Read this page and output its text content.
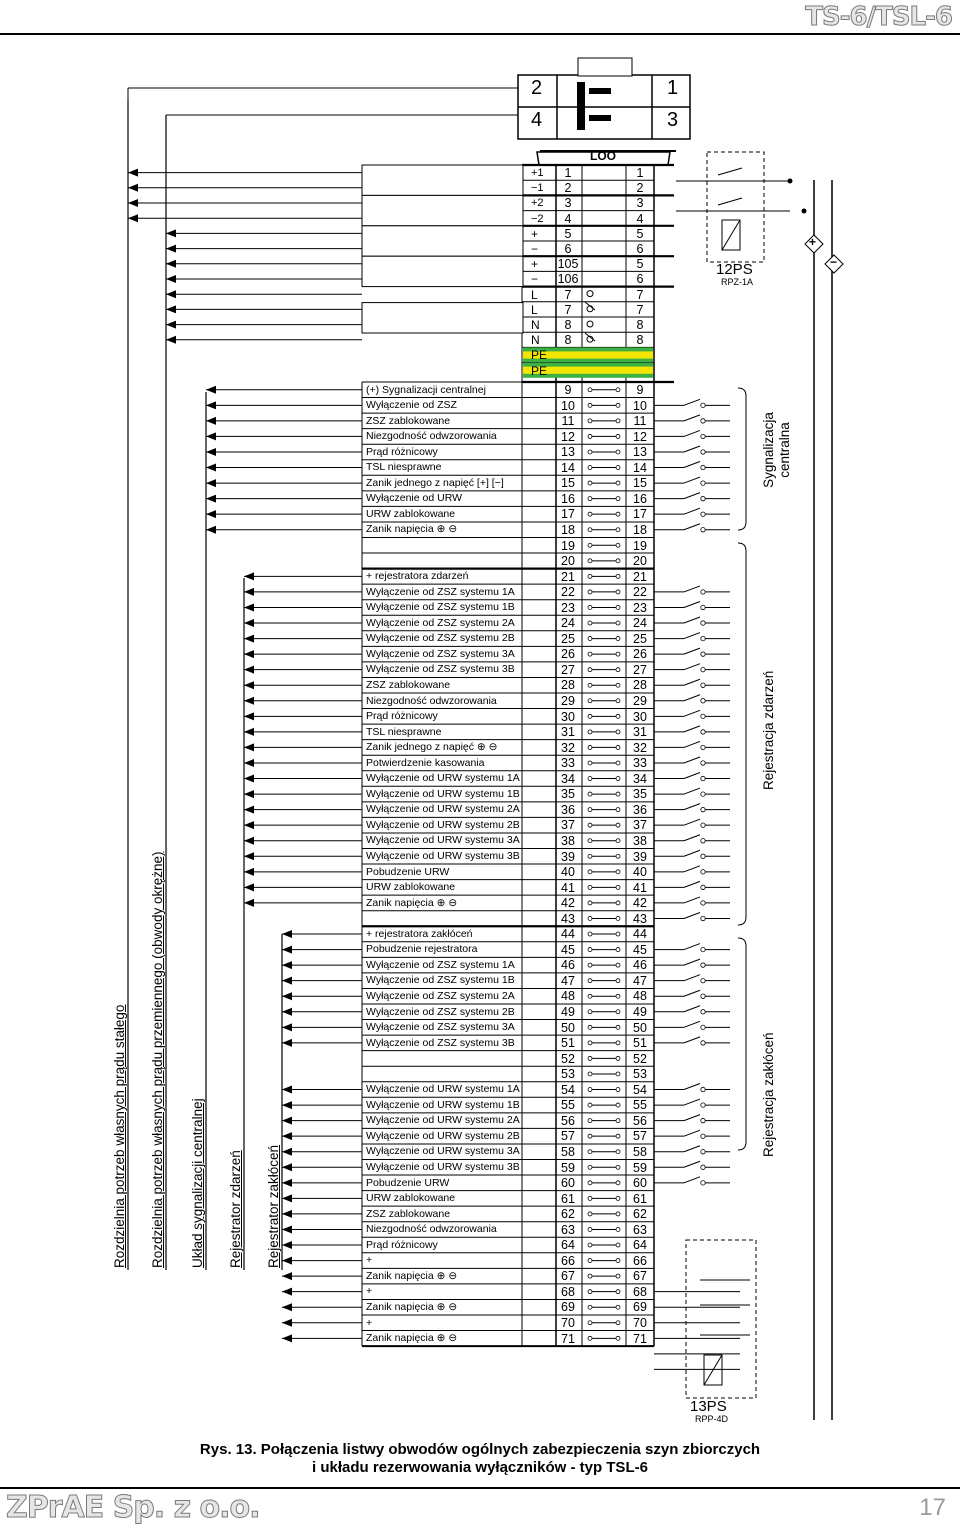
TS-6/TSL-6
2	1
4	3
LOO
+1	1	1
−1	2	2
+2	3	3
−2	4	4
+	5	5
−	6	6
+ 105	5
− 106	6
L	7	7
L	7	7
N	8	8
N	8	8
PE
PE
(+) Sygnalizacji centralnej	9	9
Wyłączenie od ZSZ	10	10
ZSZ zablokowane	11	11
Niezgodność odwzorowania	12	12
Prąd różnicowy	13	13
TSL niesprawne	14	14
Zanik jednego z napięć [+] [−]	15	15
Wyłączenie od URW	16	16
URW zablokowane	17	17
Zanik napięcia ⊕ ⊖	18	18
19	19
20	20
+ rejestratora zdarzeń	21	21
Wyłączenie od ZSZ systemu 1A	22	22
Wyłączenie od ZSZ systemu 1B	23	23
Wyłączenie od ZSZ systemu 2A	24	24
Wyłączenie od ZSZ systemu 2B	25	25
Wyłączenie od ZSZ systemu 3A	26	26
Wyłączenie od ZSZ systemu 3B	27	27
ZSZ zablokowane	28	28
Niezgodność odwzorowania	29	29
Prąd różnicowy	30	30
TSL niesprawne	31	31
Zanik jednego z napięć ⊕ ⊖	32	32
Potwierdzenie kasowania	33	33
Wyłączenie od URW systemu 1A	34	34
Wyłączenie od URW systemu 1B	35	35
Wyłączenie od URW systemu 2A	36	36
Wyłączenie od URW systemu 2B	37	37
Wyłączenie od URW systemu 3A	38	38
Wyłączenie od URW systemu 3B	39	39
Pobudzenie URW	40	40
URW zablokowane	41	41
Zanik napięcia ⊕ ⊖	42	42
43	43
+ rejestratora zakłóceń	44	44
Pobudzenie rejestratora	45	45
Wyłączenie od ZSZ systemu 1A	46	46
Wyłączenie od ZSZ systemu 1B	47	47
Wyłączenie od ZSZ systemu 2A	48	48
Wyłączenie od ZSZ systemu 2B	49	49
Wyłączenie od ZSZ systemu 3A	50	50
Wyłączenie od ZSZ systemu 3B	51	51
52	52
53	53
Wyłączenie od URW systemu 1A	54	54
Wyłączenie od URW systemu 1B	55	55
Wyłączenie od URW systemu 2A	56	56
Wyłączenie od URW systemu 2B	57	57
Wyłączenie od URW systemu 3A	58	58
Wyłączenie od URW systemu 3B	59	59
Pobudzenie URW	60	60
URW zablokowane	61	61
ZSZ zablokowane	62	62
Niezgodność odwzorowania	63	63
Prąd różnicowy	64	64
+	66	66
Zanik napięcia ⊕ ⊖	67	67
+	68	68
Zanik napięcia ⊕ ⊖	69	69
+	70	70
Zanik napięcia ⊕ ⊖	71	71
Rozdzielnia potrzeb własnych prądu stałego Rozdzielnia potrzeb własnych prądu przemiennego (obwody okrężne) Układ sygnalizacji centralnej Rejestrator zdarzeń Rejestrator zakłóceń
12PS
RPZ-1A
13PS
RPP-4D
Sygnalizacja centralna
Rejestracja zdarzeń
Rejestracja zakłóceń
+
−
Rys. 13. Połączenia listwy obwodów ogólnych zabezpieczenia szyn zbiorczych
i układu rezerwowania wyłączników - typ TSL-6
ZPrAE Sp. z o.o.	17
